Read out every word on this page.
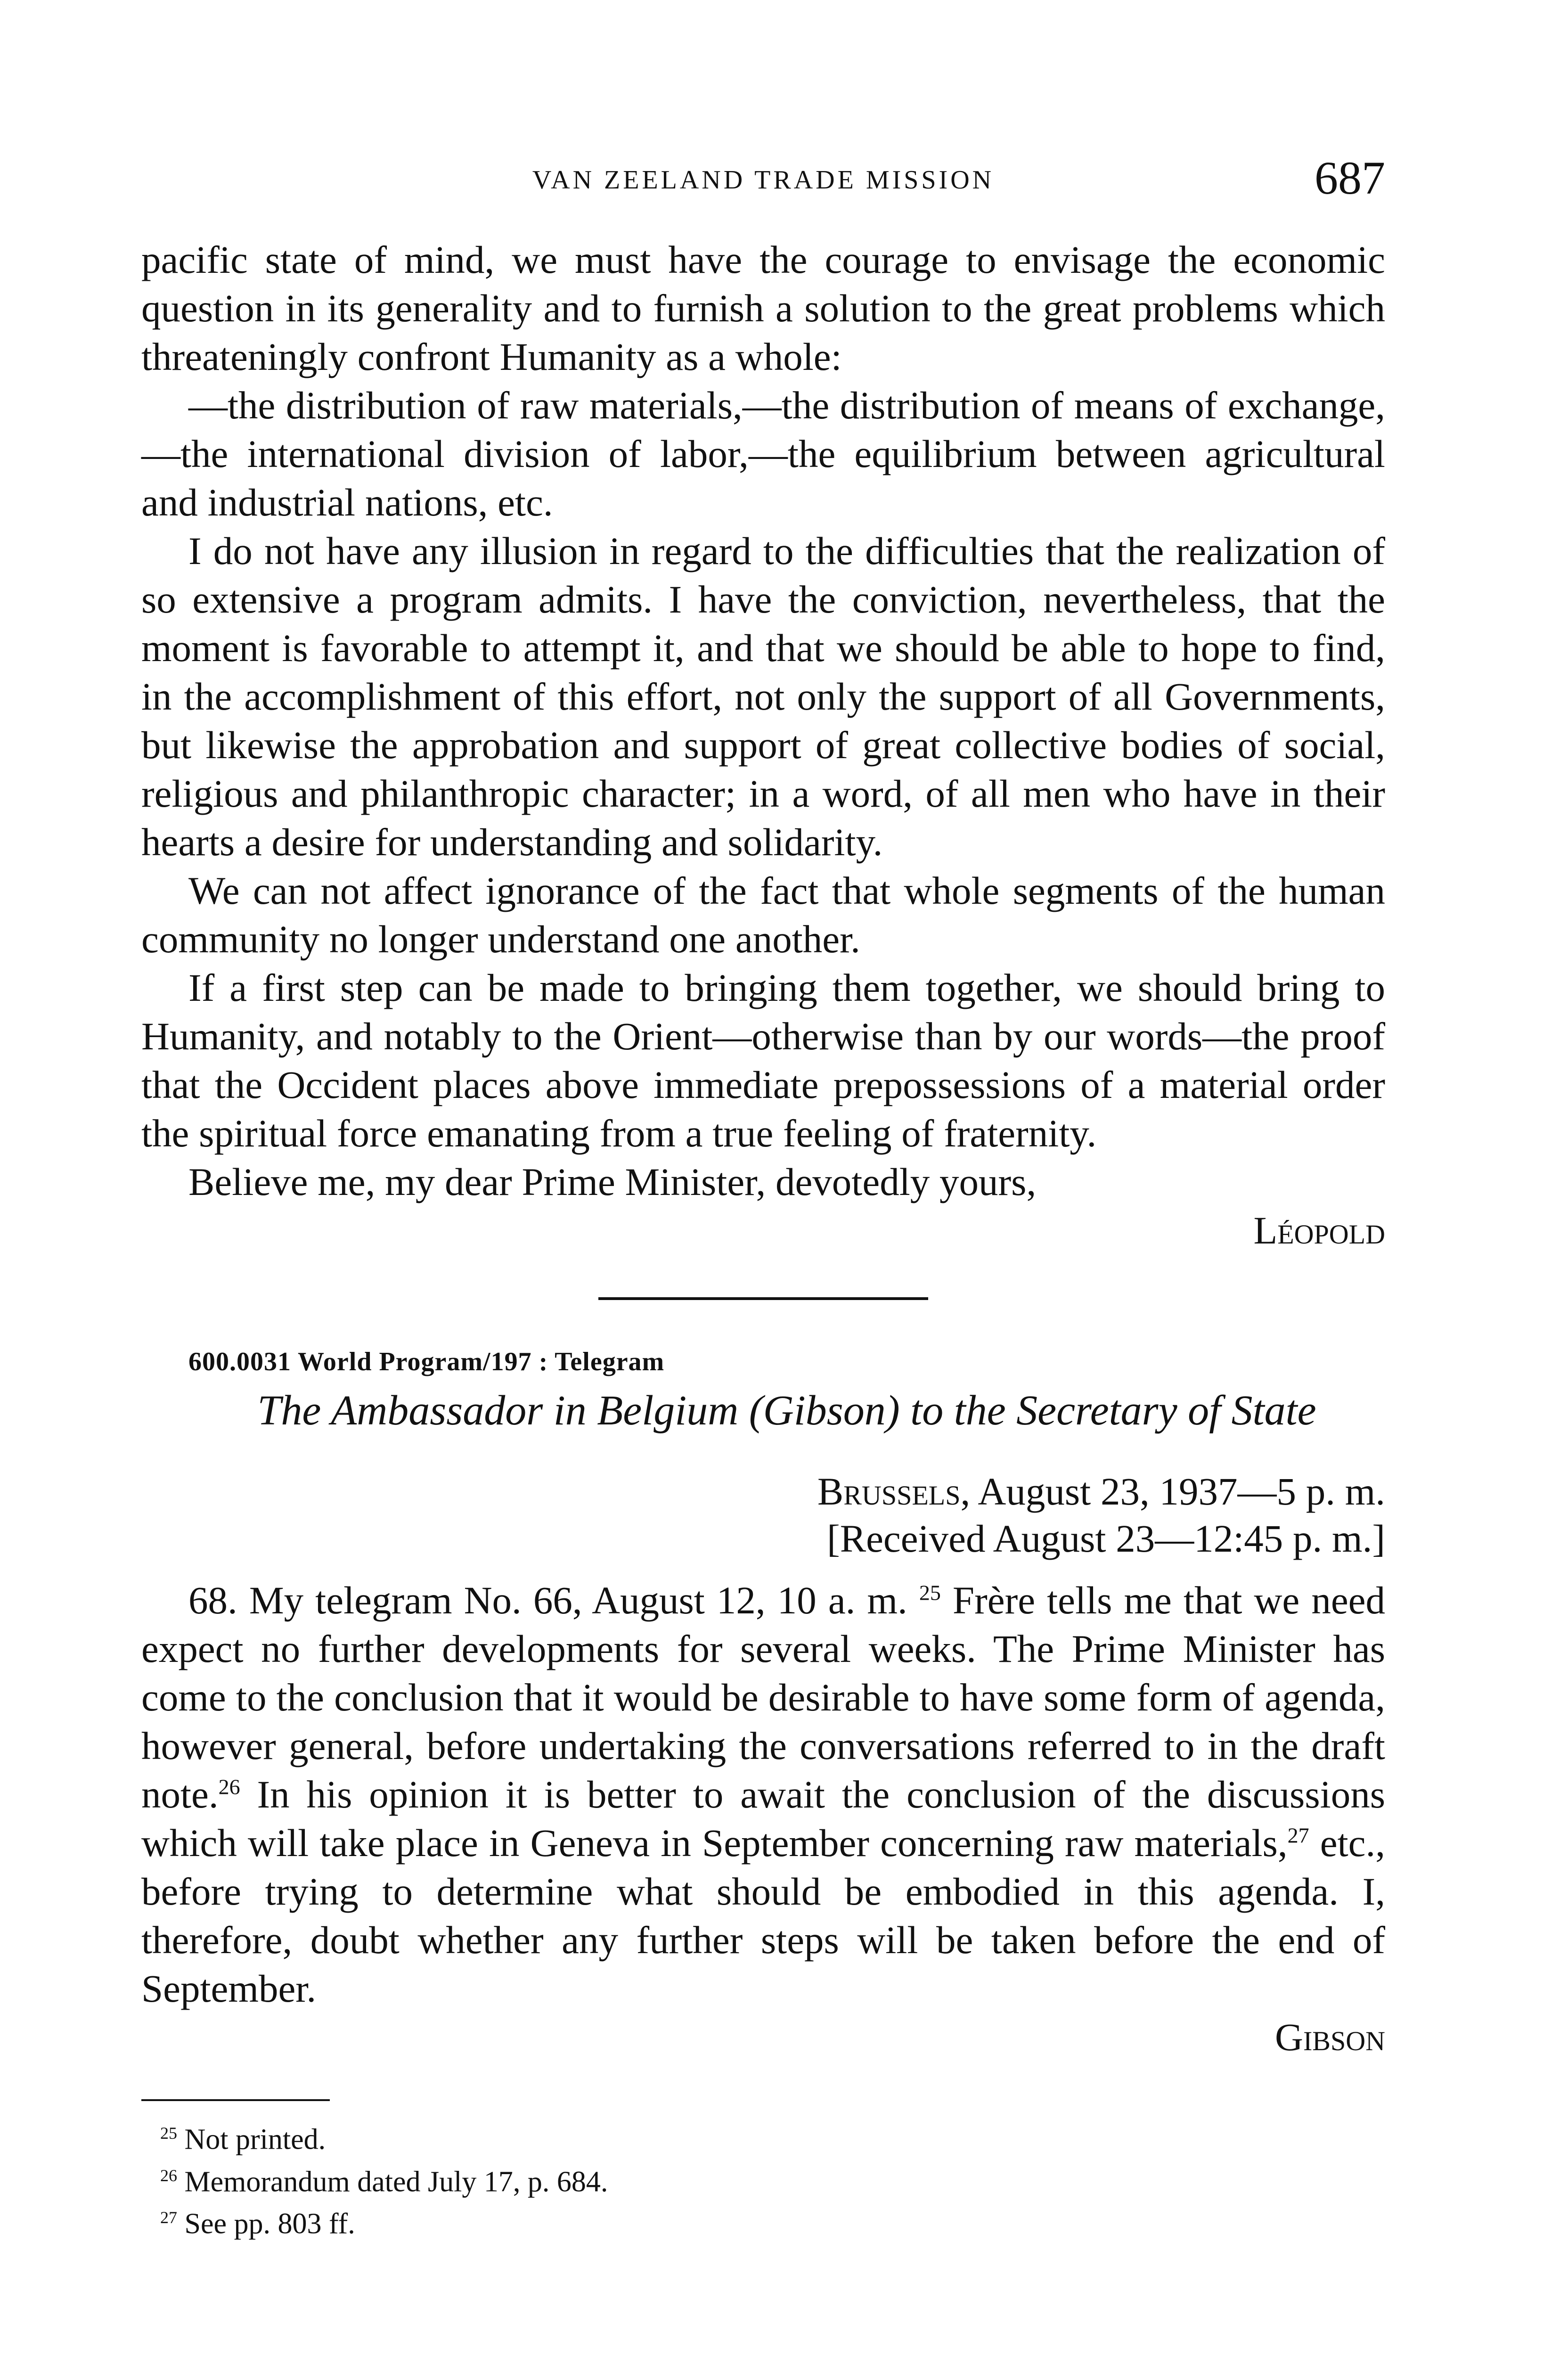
VAN ZEELAND TRADE MISSION	687

pacific state of mind, we must have the courage to envisage the economic question in its generality and to furnish a solution to the great problems which threateningly confront Humanity as a whole:

—the distribution of raw materials,—the distribution of means of exchange,—the international division of labor,—the equilibrium between agricultural and industrial nations, etc.

I do not have any illusion in regard to the difficulties that the realization of so extensive a program admits. I have the conviction, nevertheless, that the moment is favorable to attempt it, and that we should be able to hope to find, in the accomplishment of this effort, not only the support of all Governments, but likewise the approbation and support of great collective bodies of social, religious and philanthropic character; in a word, of all men who have in their hearts a desire for understanding and solidarity.

We can not affect ignorance of the fact that whole segments of the human community no longer understand one another.

If a first step can be made to bringing them together, we should bring to Humanity, and notably to the Orient—otherwise than by our words—the proof that the Occident places above immediate prepossessions of a material order the spiritual force emanating from a true feeling of fraternity.

Believe me, my dear Prime Minister, devotedly yours,

Léopold

600.0031 World Program/197 : Telegram

The Ambassador in Belgium (Gibson) to the Secretary of State

Brussels, August 23, 1937—5 p. m.
[Received August 23—12:45 p. m.]

68. My telegram No. 66, August 12, 10 a. m. $^{25}$ Frère tells me that we need expect no further developments for several weeks. The Prime Minister has come to the conclusion that it would be desirable to have some form of agenda, however general, before undertaking the conversations referred to in the draft note.$^{26}$ In his opinion it is better to await the conclusion of the discussions which will take place in Geneva in September concerning raw materials,$^{27}$ etc., before trying to determine what should be embodied in this agenda. I, therefore, doubt whether any further steps will be taken before the end of September.

Gibson

$^{25}$ Not printed.
$^{26}$ Memorandum dated July 17, p. 684.
$^{27}$ See pp. 803 ff.
